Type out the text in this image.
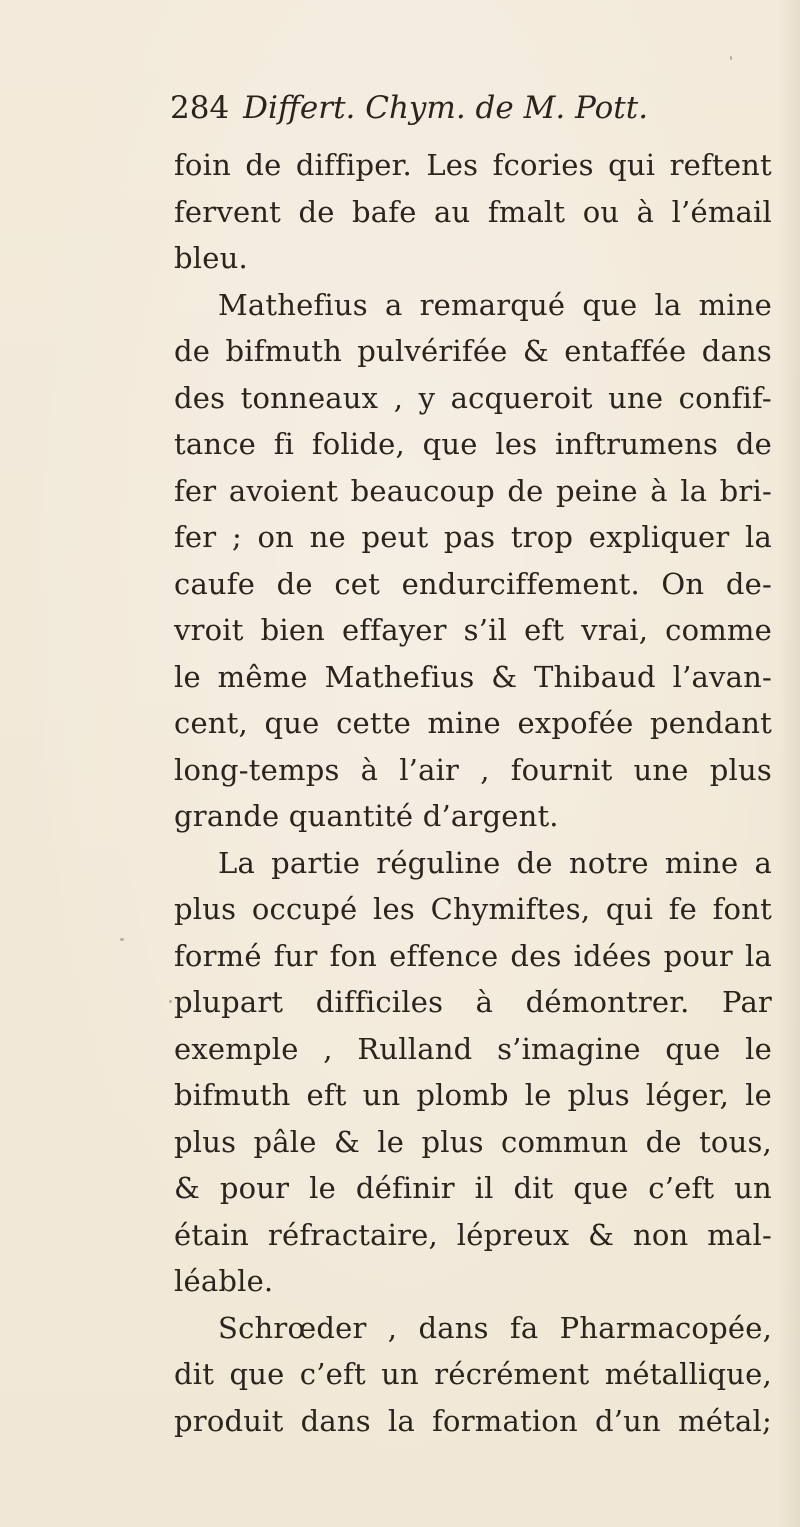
284 Differt. Chym. de M. Pott.
foin de diffiper. Les fcories qui reftent
fervent de bafe au fmalt ou à l’émail
bleu.
Mathefius a remarqué que la mine
de bifmuth pulvérifée & entaffée dans
des tonneaux , y acqueroit une confif-
tance fi folide, que les inftrumens de
fer avoient beaucoup de peine à la bri-
fer ; on ne peut pas trop expliquer la
caufe de cet endurciffement. On de-
vroit bien effayer s’il eft vrai, comme
le même Mathefius & Thibaud l’avan-
cent, que cette mine expofée pendant
long-temps à l’air , fournit une plus
grande quantité d’argent.
La partie réguline de notre mine a
plus occupé les Chymiftes, qui fe font
formé fur fon effence des idées pour la
plupart difficiles à démontrer. Par
exemple , Rulland s’imagine que le
bifmuth eft un plomb le plus léger, le
plus pâle & le plus commun de tous,
& pour le définir il dit que c’eft un
étain réfractaire, lépreux & non mal-
léable.
Schrœder , dans fa Pharmacopée,
dit que c’eft un récrément métallique,
produit dans la formation d’un métal;
